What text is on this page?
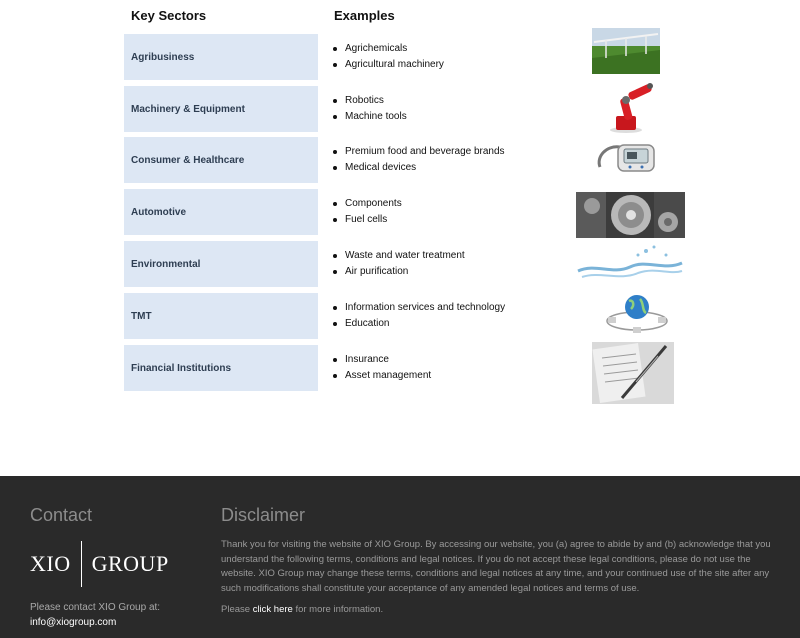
Key Sectors	Examples
Agribusiness
Agrichemicals
Agricultural machinery
Machinery & Equipment
Robotics
Machine tools
Consumer & Healthcare
Premium food and beverage brands
Medical devices
Automotive
Components
Fuel cells
Environmental
Waste and water treatment
Air purification
TMT
Information services and technology
Education
Financial Institutions
Insurance
Asset management
Contact
XIO GROUP
Please contact XIO Group at:
info@xiogroup.com
Disclaimer

Thank you for visiting the website of XIO Group. By accessing our website, you (a) agree to abide by and (b) acknowledge that you understand the following terms, conditions and legal notices. If you do not accept these legal conditions, please do not use the website. XIO Group may change these terms, conditions and legal notices at any time, and your continued use of the site after any such modifications shall constitute your acceptance of any amended legal notices and terms of use.

Please click here for more information.
